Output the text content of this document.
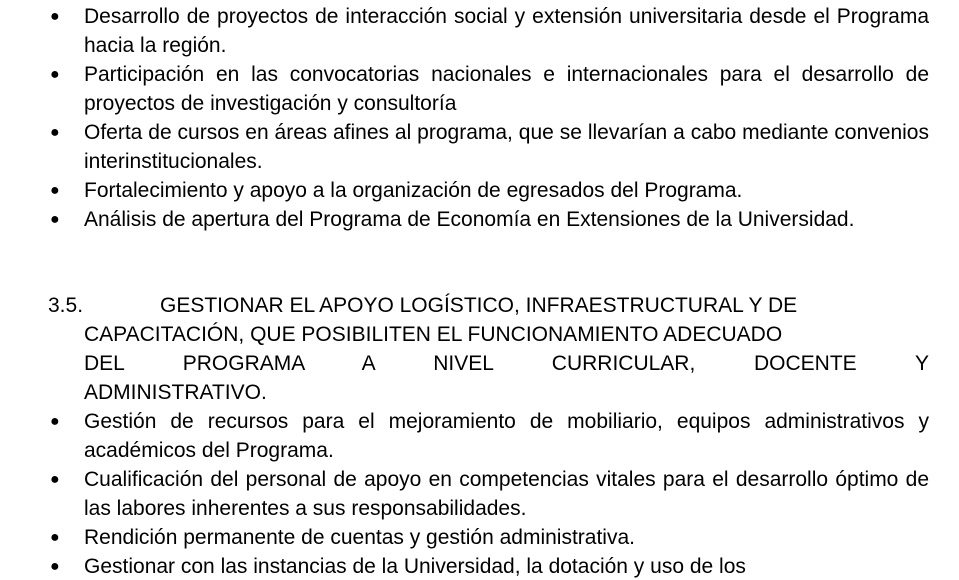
●	Desarrollo de proyectos de interacción social y extensión universitaria desde el Programa hacia la región.
●	Participación en las convocatorias nacionales e internacionales para el desarrollo de proyectos de investigación y consultoría
●	Oferta de cursos en áreas afines al programa, que se llevarían a cabo mediante convenios interinstitucionales.
●	Fortalecimiento y apoyo a la organización de egresados del Programa.
●	Análisis de apertura del Programa de Economía en Extensiones de la Universidad.
3.5.	GESTIONAR EL APOYO LOGÍSTICO, INFRAESTRUCTURAL Y DE
CAPACITACIÓN, QUE POSIBILITEN EL FUNCIONAMIENTO ADECUADO
DEL PROGRAMA A NIVEL CURRICULAR, DOCENTE Y
ADMINISTRATIVO.
●	Gestión de recursos para el mejoramiento de mobiliario, equipos administrativos y académicos del Programa.
●	Cualificación del personal de apoyo en competencias vitales para el desarrollo óptimo de las labores inherentes a sus responsabilidades.
●	Rendición permanente de cuentas y gestión administrativa.
●	Gestionar con las instancias de la Universidad, la dotación y uso de los
